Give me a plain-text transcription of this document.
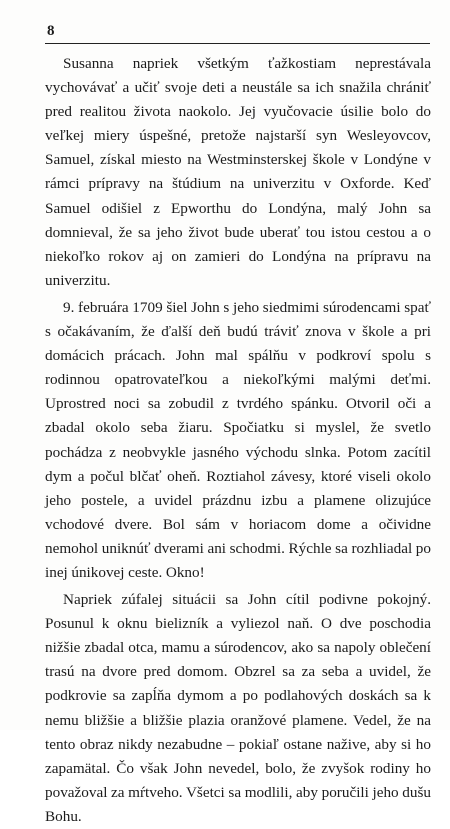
8

Susanna napriek všetkým ťažkostiam neprestávala vychovávať a učiť svoje deti a neustále sa ich snažila chrániť pred realitou života naokolo. Jej vyučovacie úsilie bolo do veľkej miery úspešné, pretože najstarší syn Wesleyovcov, Samuel, získal miesto na Westminsterskej škole v Londýne v rámci prípravy na štúdium na univerzitu v Oxforde. Keď Samuel odišiel z Epworthu do Londýna, malý John sa domnieval, že sa jeho život bude uberať tou istou cestou a o niekoľko rokov aj on zamieri do Londýna na prípravu na univerzitu.

9. februára 1709 šiel John s jeho siedmimi súrodencami spať s očakávaním, že ďalší deň budú tráviť znova v škole a pri domácich prácach. John mal spálňu v podkroví spolu s rodinnou opatrovateľkou a niekoľkými malými deťmi. Uprostred noci sa zobudil z tvrdého spánku. Otvoril oči a zbadal okolo seba žiaru. Spočiatku si myslel, že svetlo pochádza z neobvykle jasného východu slnka. Potom zacítil dym a počul blčať oheň. Roztiahol závesy, ktoré viseli okolo jeho postele, a uvidel prázdnu izbu a plamene olizujúce vchodové dvere. Bol sám v horiacom dome a očividne nemohol uniknúť dverami ani schodmi. Rýchle sa rozhliadal po inej únikovej ceste. Okno!

Napriek zúfalej situácii sa John cítil podivne pokojný. Posunul k oknu bielizník a vyliezol naň. O dve poschodia nižšie zbadal otca, mamu a súrodencov, ako sa napoly oblečení trasú na dvore pred domom. Obzrel sa za seba a uvidel, že podkrovie sa zapĺňa dymom a po podlahových doskách sa k nemu bližšie a bližšie plazia oranžové plamene. Vedel, že na tento obraz nikdy nezabudne – pokiaľ ostane nažive, aby si ho zapamätal. Čo však John nevedel, bolo, že zvyšok rodiny ho považoval za mŕtveho. Všetci sa modlili, aby poručili jeho dušu Bohu.
